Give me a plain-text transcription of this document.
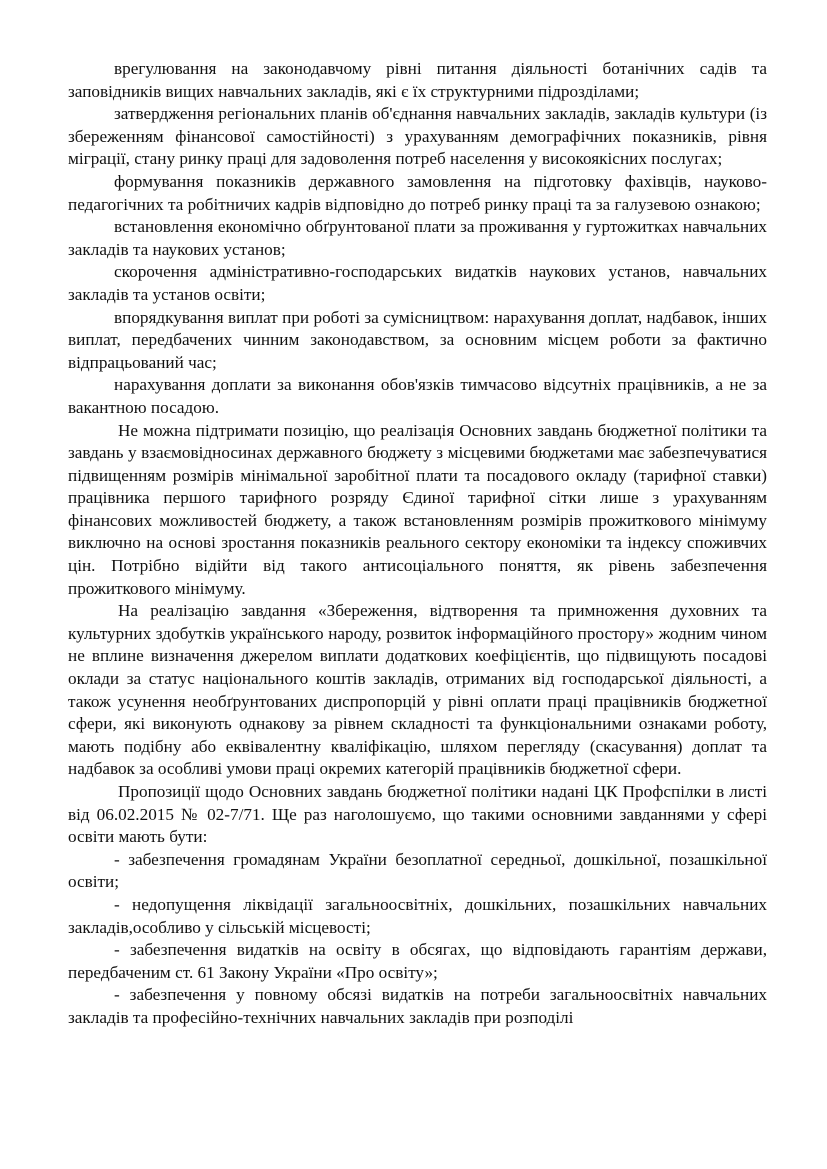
врегулювання на законодавчому рівні питання діяльності ботанічних садів та заповідників вищих навчальних закладів, які є їх структурними підрозділами;

затвердження регіональних планів об'єднання навчальних закладів, закладів культури (із збереженням фінансової самостійності) з урахуванням демографічних показників, рівня міграції, стану ринку праці для задоволення потреб населення у високоякісних послугах;

формування показників державного замовлення на підготовку фахівців, науково-педагогічних та робітничих кадрів відповідно до потреб ринку праці та за галузевою ознакою;

встановлення економічно обґрунтованої плати за проживання у гуртожитках навчальних закладів та наукових установ;

скорочення адміністративно-господарських видатків наукових установ, навчальних закладів та установ освіти;

впорядкування виплат при роботі за сумісництвом: нарахування доплат, надбавок, інших виплат, передбачених чинним законодавством, за основним місцем роботи за фактично відпрацьований час;

нарахування доплати за виконання обов'язків тимчасово відсутніх працівників, а не за вакантною посадою.

Не можна підтримати позицію, що реалізація Основних завдань бюджетної політики та завдань у взаємовідносинах державного бюджету з місцевими бюджетами має забезпечуватися підвищенням розмірів мінімальної заробітної плати та посадового окладу (тарифної ставки) працівника першого тарифного розряду Єдиної тарифної сітки лише з урахуванням фінансових можливостей бюджету, а також встановленням розмірів прожиткового мінімуму виключно на основі зростання показників реального сектору економіки та індексу споживчих цін. Потрібно відійти від такого антисоціального поняття, як рівень забезпечення прожиткового мінімуму.

На реалізацію завдання «Збереження, відтворення та примноження духовних та культурних здобутків українського народу, розвиток інформаційного простору» жодним чином не вплине визначення джерелом виплати додаткових коефіцієнтів, що підвищують посадові оклади за статус національного коштів закладів, отриманих від господарської діяльності, а також усунення необґрунтованих диспропорцій у рівні оплати праці працівників бюджетної сфери, які виконують однакову за рівнем складності та функціональними ознаками роботу, мають подібну або еквівалентну кваліфікацію, шляхом перегляду (скасування) доплат та надбавок за особливі умови праці окремих категорій працівників бюджетної сфери.

Пропозиції щодо Основних завдань бюджетної політики надані ЦК Профспілки в листі від 06.02.2015 № 02-7/71. Ще раз наголошуємо, що такими основними завданнями у сфері освіти мають бути:

- забезпечення громадянам України безоплатної середньої, дошкільної, позашкільної освіти;

- недопущення ліквідації загальноосвітніх, дошкільних, позашкільних навчальних закладів,особливо у сільській місцевості;

- забезпечення видатків на освіту в обсягах, що відповідають гарантіям держави, передбаченим ст. 61 Закону України «Про освіту»;

- забезпечення у повному обсязі видатків на потреби загальноосвітніх навчальних закладів та професійно-технічних навчальних закладів при розподілі
